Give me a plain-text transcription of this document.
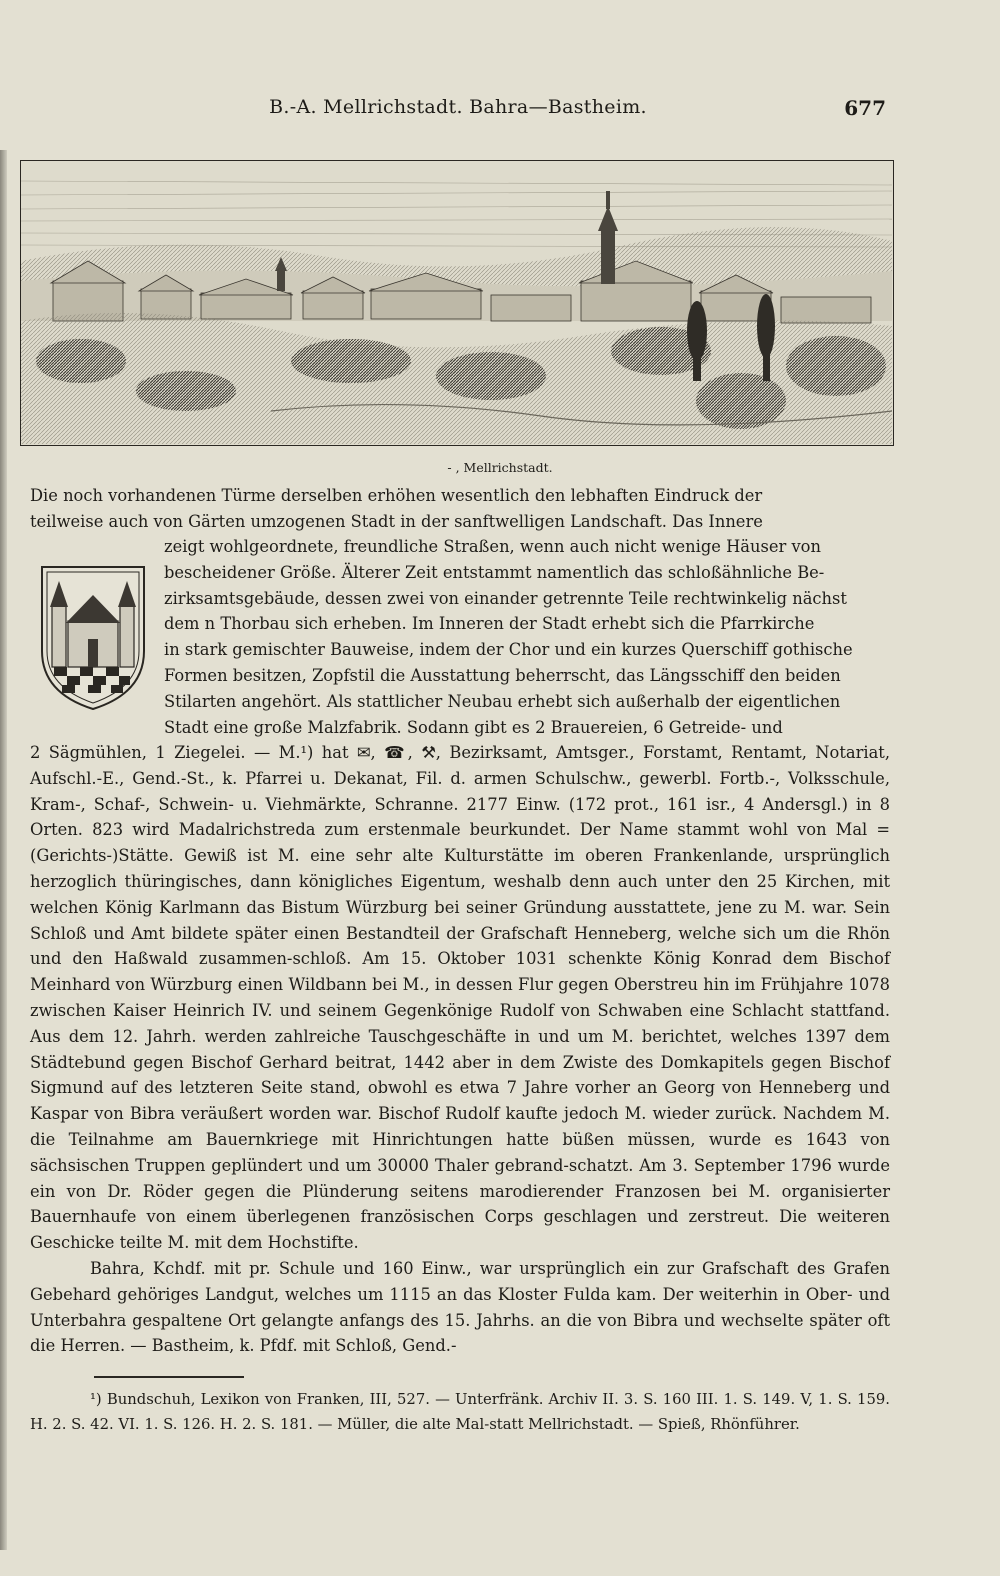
B.-A. Mellrichstadt. Bahra—Bastheim.	677
- , Mellrichstadt.

Die noch vorhandenen Türme derselben erhöhen wesentlich den lebhaften Eindruck der

teilweise auch von Gärten umzogenen Stadt in der sanftwelligen Landschaft. Das Innere

zeigt wohlgeordnete, freundliche Straßen, wenn auch nicht wenige Häuser von

bescheidener Größe. Älterer Zeit entstammt namentlich das schloßähnliche Be-

zirksamtsgebäude, dessen zwei von einander getrennte Teile rechtwinkelig nächst

dem n Thorbau sich erheben. Im Inneren der Stadt erhebt sich die Pfarrkirche

in stark gemischter Bauweise, indem der Chor und ein kurzes Querschiff gothische

Formen besitzen, Zopfstil die Ausstattung beherrscht, das Längsschiff den beiden

Stilarten angehört. Als stattlicher Neubau erhebt sich außerhalb der eigentlichen

Stadt eine große Malzfabrik. Sodann gibt es 2 Brauereien, 6 Getreide- und

2 Sägmühlen, 1 Ziegelei. — M.¹) hat ✉, ☎, ⚒, Bezirksamt, Amtsger., Forstamt, Rentamt, Notariat, Aufschl.-E., Gend.-St., k. Pfarrei u. Dekanat, Fil. d. armen Schulschw., gewerbl. Fortb.-, Volksschule, Kram-, Schaf-, Schwein- u. Viehmärkte, Schranne. 2177 Einw. (172 prot., 161 isr., 4 Andersgl.) in 8 Orten. 823 wird Madalrichstreda zum erstenmale beurkundet. Der Name stammt wohl von Mal = (Gerichts-)Stätte. Gewiß ist M. eine sehr alte Kulturstätte im oberen Frankenlande, ursprünglich herzoglich thüringisches, dann königliches Eigentum, weshalb denn auch unter den 25 Kirchen, mit welchen König Karlmann das Bistum Würzburg bei seiner Gründung ausstattete, jene zu M. war. Sein Schloß und Amt bildete später einen Bestandteil der Grafschaft Henneberg, welche sich um die Rhön und den Haßwald zusammen-schloß. Am 15. Oktober 1031 schenkte König Konrad dem Bischof Meinhard von Würzburg einen Wildbann bei M., in dessen Flur gegen Oberstreu hin im Frühjahre 1078 zwischen Kaiser Heinrich IV. und seinem Gegenkönige Rudolf von Schwaben eine Schlacht stattfand. Aus dem 12. Jahrh. werden zahlreiche Tauschgeschäfte in und um M. berichtet, welches 1397 dem Städtebund gegen Bischof Gerhard beitrat, 1442 aber in dem Zwiste des Domkapitels gegen Bischof Sigmund auf des letzteren Seite stand, obwohl es etwa 7 Jahre vorher an Georg von Henneberg und Kaspar von Bibra veräußert worden war. Bischof Rudolf kaufte jedoch M. wieder zurück. Nachdem M. die Teilnahme am Bauernkriege mit Hinrichtungen hatte büßen müssen, wurde es 1643 von sächsischen Truppen geplündert und um 30000 Thaler gebrand-schatzt. Am 3. September 1796 wurde ein von Dr. Röder gegen die Plünderung seitens marodierender Franzosen bei M. organisierter Bauernhaufe von einem überlegenen französischen Corps geschlagen und zerstreut. Die weiteren Geschicke teilte M. mit dem Hochstifte.

Bahra, Kchdf. mit pr. Schule und 160 Einw., war ursprünglich ein zur Grafschaft des Grafen Gebehard gehöriges Landgut, welches um 1115 an das Kloster Fulda kam. Der weiterhin in Ober- und Unterbahra gespaltene Ort gelangte anfangs des 15. Jahrhs. an die von Bibra und wechselte später oft die Herren. — Bastheim, k. Pfdf. mit Schloß, Gend.-

¹) Bundschuh, Lexikon von Franken, III, 527. — Unterfränk. Archiv II. 3. S. 160 III. 1. S. 149. V, 1. S. 159. H. 2. S. 42. VI. 1. S. 126. H. 2. S. 181. — Müller, die alte Mal-statt Mellrichstadt. — Spieß, Rhönführer.
